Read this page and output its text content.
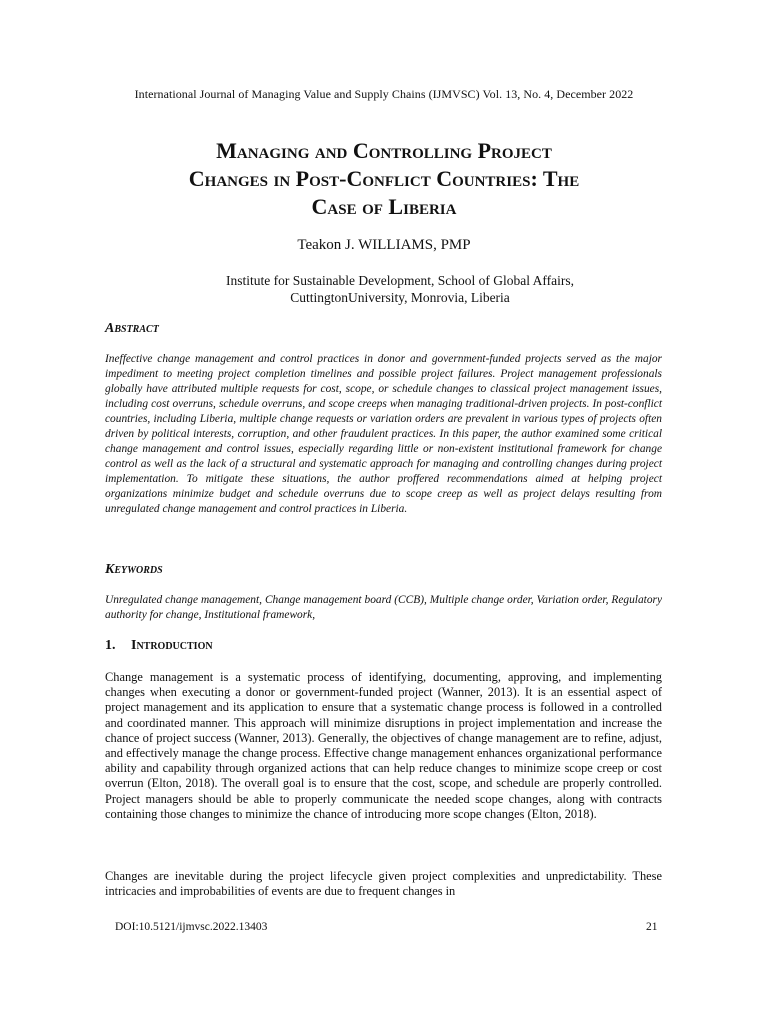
International Journal of Managing Value and Supply Chains (IJMVSC) Vol. 13, No. 4, December 2022
Managing and Controlling Project
Changes in Post-Conflict Countries: The
Case of Liberia
Teakon J. WILLIAMS, PMP
Institute for Sustainable Development, School of Global Affairs,
CuttingtonUniversity, Monrovia, Liberia
Abstract
Ineffective change management and control practices in donor and government-funded projects served as the major impediment to meeting project completion timelines and possible project failures. Project management professionals globally have attributed multiple requests for cost, scope, or schedule changes to classical project management issues, including cost overruns, schedule overruns, and scope creeps when managing traditional-driven projects. In post-conflict countries, including Liberia, multiple change requests or variation orders are prevalent in various types of projects often driven by political interests, corruption, and other fraudulent practices. In this paper, the author examined some critical change management and control issues, especially regarding little or non-existent institutional framework for change control as well as the lack of a structural and systematic approach for managing and controlling changes during project implementation. To mitigate these situations, the author proffered recommendations aimed at helping project organizations minimize budget and schedule overruns due to scope creep as well as project delays resulting from unregulated change management and control practices in Liberia.
Keywords
Unregulated change management, Change management board (CCB), Multiple change order, Variation order, Regulatory authority for change, Institutional framework,
1. Introduction
Change management is a systematic process of identifying, documenting, approving, and implementing changes when executing a donor or government-funded project (Wanner, 2013). It is an essential aspect of project management and its application to ensure that a systematic change process is followed in a controlled and coordinated manner. This approach will minimize disruptions in project implementation and increase the chance of project success (Wanner, 2013). Generally, the objectives of change management are to refine, adjust, and effectively manage the change process. Effective change management enhances organizational performance ability and capability through organized actions that can help reduce changes to minimize scope creep or cost overrun (Elton, 2018). The overall goal is to ensure that the cost, scope, and schedule are properly controlled. Project managers should be able to properly communicate the needed scope changes, along with contracts containing those changes to minimize the chance of introducing more scope changes (Elton, 2018).
Changes are inevitable during the project lifecycle given project complexities and unpredictability. These intricacies and improbabilities of events are due to frequent changes in
DOI:10.5121/ijmvsc.2022.13403	21
